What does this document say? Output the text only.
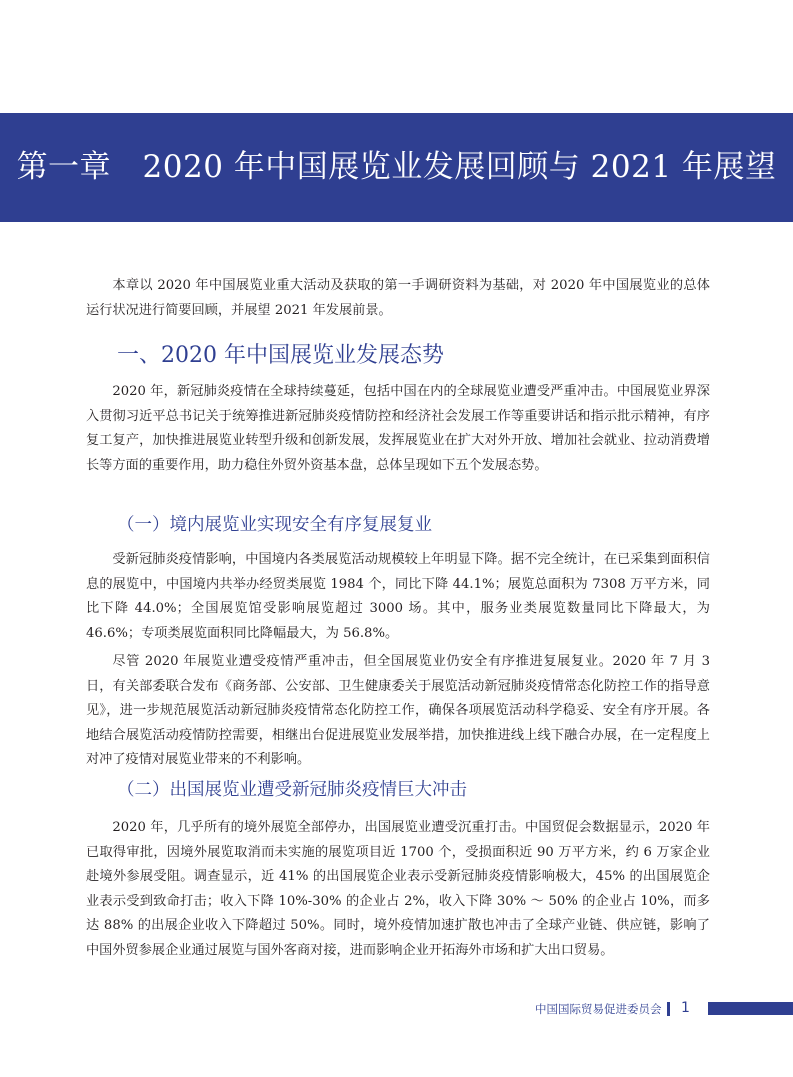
第一章　2020 年中国展览业发展回顾与 2021 年展望

本章以 2020 年中国展览业重大活动及获取的第一手调研资料为基础，对 2020 年中国展览业的总体运行状况进行简要回顾，并展望 2021 年发展前景。

一、2020 年中国展览业发展态势

2020 年，新冠肺炎疫情在全球持续蔓延，包括中国在内的全球展览业遭受严重冲击。中国展览业界深入贯彻习近平总书记关于统筹推进新冠肺炎疫情防控和经济社会发展工作等重要讲话和指示批示精神，有序复工复产，加快推进展览业转型升级和创新发展，发挥展览业在扩大对外开放、增加社会就业、拉动消费增长等方面的重要作用，助力稳住外贸外资基本盘，总体呈现如下五个发展态势。

（一）境内展览业实现安全有序复展复业

受新冠肺炎疫情影响，中国境内各类展览活动规模较上年明显下降。据不完全统计，在已采集到面积信息的展览中，中国境内共举办经贸类展览 1984 个，同比下降 44.1%；展览总面积为 7308 万平方米，同比下降 44.0%；全国展览馆受影响展览超过 3000 场。其中，服务业类展览数量同比下降最大，为 46.6%；专项类展览面积同比降幅最大，为 56.8%。

尽管 2020 年展览业遭受疫情严重冲击，但全国展览业仍安全有序推进复展复业。2020 年 7 月 3 日，有关部委联合发布《商务部、公安部、卫生健康委关于展览活动新冠肺炎疫情常态化防控工作的指导意见》，进一步规范展览活动新冠肺炎疫情常态化防控工作，确保各项展览活动科学稳妥、安全有序开展。各地结合展览活动疫情防控需要，相继出台促进展览业发展举措，加快推进线上线下融合办展，在一定程度上对冲了疫情对展览业带来的不利影响。

（二）出国展览业遭受新冠肺炎疫情巨大冲击

2020 年，几乎所有的境外展览全部停办，出国展览业遭受沉重打击。中国贸促会数据显示，2020 年已取得审批，因境外展览取消而未实施的展览项目近 1700 个，受损面积近 90 万平方米，约 6 万家企业赴境外参展受阻。调查显示，近 41% 的出国展览企业表示受新冠肺炎疫情影响极大，45% 的出国展览企业表示受到致命打击；收入下降 10%-30% 的企业占 2%，收入下降 30% ～ 50% 的企业占 10%，而多达 88% 的出展企业收入下降超过 50%。同时，境外疫情加速扩散也冲击了全球产业链、供应链，影响了中国外贸参展企业通过展览与国外客商对接，进而影响企业开拓海外市场和扩大出口贸易。

中国国际贸易促进委员会 1
